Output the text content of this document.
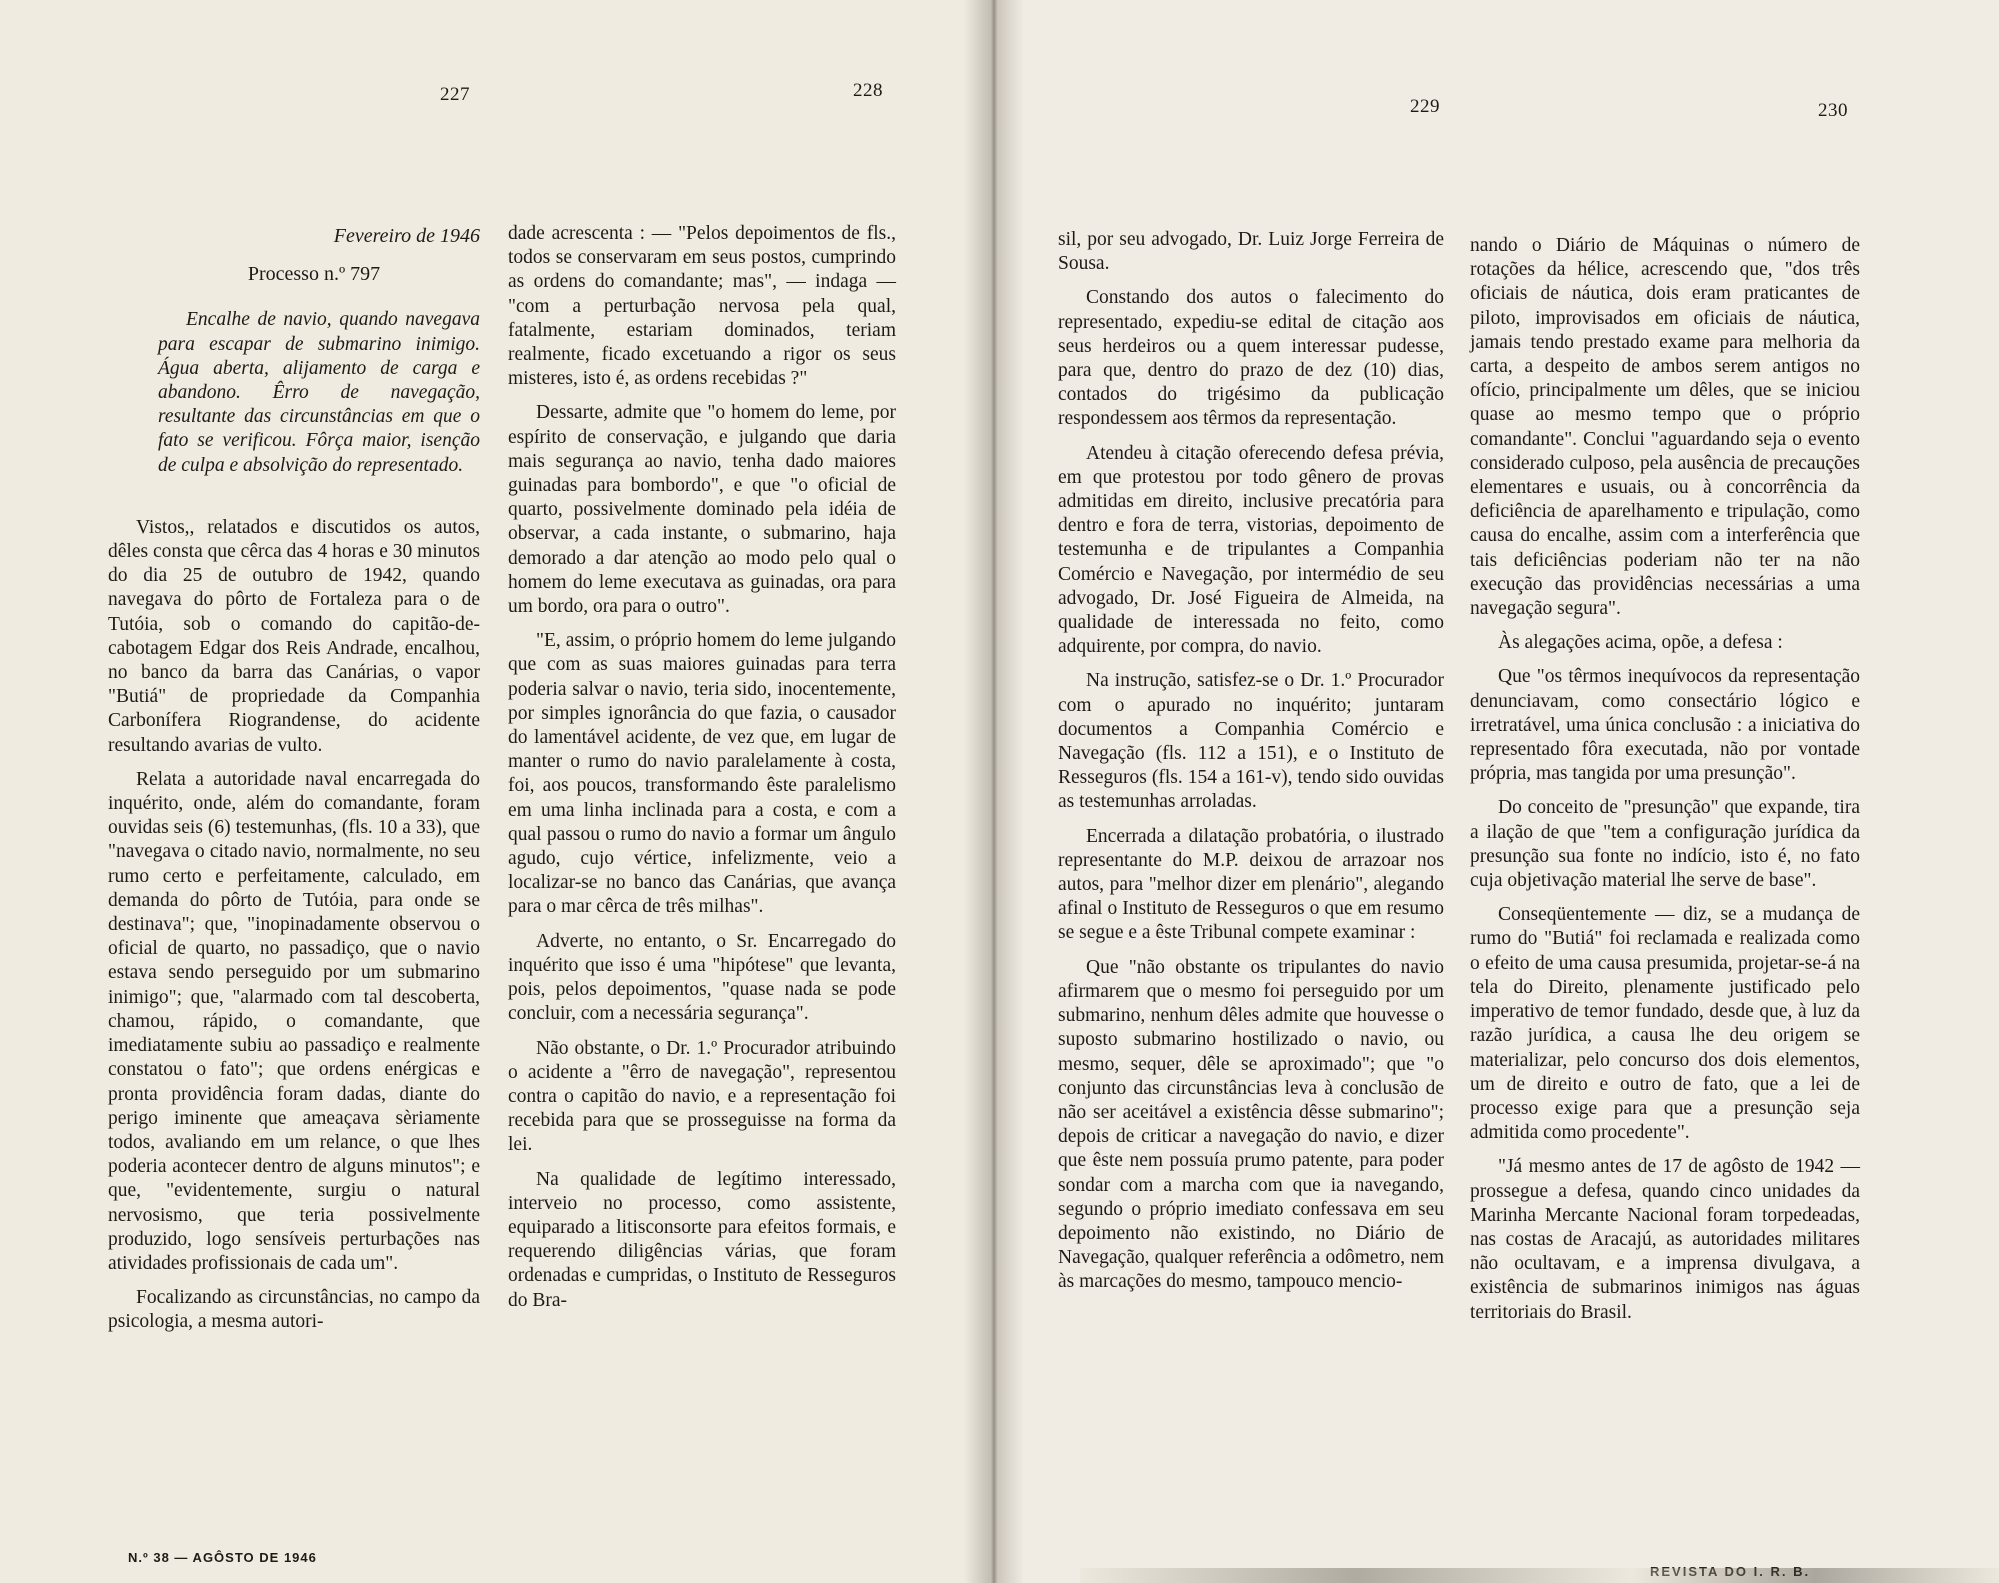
227	228
229	230
Fevereiro de 1946
Processo n.º 797
Encalhe de navio, quando navegava para escapar de submarino inimigo. Água aberta, alijamento de carga e abandono. Êrro de navegação, resultante das circunstâncias em que o fato se verificou. Fôrça maior, isenção de culpa e absolvição do representado.

Vistos,, relatados e discutidos os autos, dêles consta que cêrca das 4 horas e 30 minutos do dia 25 de outubro de 1942, quando navegava do pôrto de Fortaleza para o de Tutóia, sob o comando do capitão-de-cabotagem Edgar dos Reis Andrade, encalhou, no banco da barra das Canárias, o vapor "Butiá" de propriedade da Companhia Carbonífera Riograndense, do acidente resultando avarias de vulto.

Relata a autoridade naval encarregada do inquérito, onde, além do comandante, foram ouvidas seis (6) testemunhas, (fls. 10 a 33), que "navegava o citado navio, normalmente, no seu rumo certo e perfeitamente, calculado, em demanda do pôrto de Tutóia, para onde se destinava"; que, "inopinadamente observou o oficial de quarto, no passadiço, que o navio estava sendo perseguido por um submarino inimigo"; que, "alarmado com tal descoberta, chamou, rápido, o comandante, que imediatamente subiu ao passadiço e realmente constatou o fato"; que ordens enérgicas e pronta providência foram dadas, diante do perigo iminente que ameaçava sèriamente todos, avaliando em um relance, o que lhes poderia acontecer dentro de alguns minutos"; e que, "evidentemente, surgiu o natural nervosismo, que teria possivelmente produzido, logo sensíveis perturbações nas atividades profissionais de cada um".

Focalizando as circunstâncias, no campo da psicologia, a mesma autori-

dade acrescenta : — "Pelos depoimentos de fls., todos se conservaram em seus postos, cumprindo as ordens do comandante; mas", — indaga — "com a perturbação nervosa pela qual, fatalmente, estariam dominados, teriam realmente, ficado excetuando a rigor os seus misteres, isto é, as ordens recebidas ?"

Dessarte, admite que "o homem do leme, por espírito de conservação, e julgando que daria mais segurança ao navio, tenha dado maiores guinadas para bombordo", e que "o oficial de quarto, possivelmente dominado pela idéia de observar, a cada instante, o submarino, haja demorado a dar atenção ao modo pelo qual o homem do leme executava as guinadas, ora para um bordo, ora para o outro".

"E, assim, o próprio homem do leme julgando que com as suas maiores guinadas para terra poderia salvar o navio, teria sido, inocentemente, por simples ignorância do que fazia, o causador do lamentável acidente, de vez que, em lugar de manter o rumo do navio paralelamente à costa, foi, aos poucos, transformando êste paralelismo em uma linha inclinada para a costa, e com a qual passou o rumo do navio a formar um ângulo agudo, cujo vértice, infelizmente, veio a localizar-se no banco das Canárias, que avança para o mar cêrca de três milhas".

Adverte, no entanto, o Sr. Encarregado do inquérito que isso é uma "hipótese" que levanta, pois, pelos depoimentos, "quase nada se pode concluir, com a necessária segurança".

Não obstante, o Dr. 1.º Procurador atribuindo o acidente a "êrro de navegação", representou contra o capitão do navio, e a representação foi recebida para que se prosseguisse na forma da lei.

Na qualidade de legítimo interessado, interveio no processo, como assistente, equiparado a litisconsorte para efeitos formais, e requerendo diligências várias, que foram ordenadas e cumpridas, o Instituto de Resseguros do Bra-

sil, por seu advogado, Dr. Luiz Jorge Ferreira de Sousa.

Constando dos autos o falecimento do representado, expediu-se edital de citação aos seus herdeiros ou a quem interessar pudesse, para que, dentro do prazo de dez (10) dias, contados do trigésimo da publicação respondessem aos têrmos da representação.

Atendeu à citação oferecendo defesa prévia, em que protestou por todo gênero de provas admitidas em direito, inclusive precatória para dentro e fora de terra, vistorias, depoimento de testemunha e de tripulantes a Companhia Comércio e Navegação, por intermédio de seu advogado, Dr. José Figueira de Almeida, na qualidade de interessada no feito, como adquirente, por compra, do navio.

Na instrução, satisfez-se o Dr. 1.º Procurador com o apurado no inquérito; juntaram documentos a Companhia Comércio e Navegação (fls. 112 a 151), e o Instituto de Resseguros (fls. 154 a 161-v), tendo sido ouvidas as testemunhas arroladas.

Encerrada a dilatação probatória, o ilustrado representante do M.P. deixou de arrazoar nos autos, para "melhor dizer em plenário", alegando afinal o Instituto de Resseguros o que em resumo se segue e a êste Tribunal compete examinar :

Que "não obstante os tripulantes do navio afirmarem que o mesmo foi perseguido por um submarino, nenhum dêles admite que houvesse o suposto submarino hostilizado o navio, ou mesmo, sequer, dêle se aproximado"; que "o conjunto das circunstâncias leva à conclusão de não ser aceitável a existência dêsse submarino"; depois de criticar a navegação do navio, e dizer que êste nem possuía prumo patente, para poder sondar com a marcha com que ia navegando, segundo o próprio imediato confessava em seu depoimento não existindo, no Diário de Navegação, qualquer referência a odômetro, nem às marcações do mesmo, tampouco mencio-

nando o Diário de Máquinas o número de rotações da hélice, acrescendo que, "dos três oficiais de náutica, dois eram praticantes de piloto, improvisados em oficiais de náutica, jamais tendo prestado exame para melhoria da carta, a despeito de ambos serem antigos no ofício, principalmente um dêles, que se iniciou quase ao mesmo tempo que o próprio comandante". Conclui "aguardando seja o evento considerado culposo, pela ausência de precauções elementares e usuais, ou à concorrência da deficiência de aparelhamento e tripulação, como causa do encalhe, assim com a interferência que tais deficiências poderiam não ter na não execução das providências necessárias a uma navegação segura".

Às alegações acima, opõe, a defesa :

Que "os têrmos inequívocos da representação denunciavam, como consectário lógico e irretratável, uma única conclusão : a iniciativa do representado fôra executada, não por vontade própria, mas tangida por uma presunção".

Do conceito de "presunção" que expande, tira a ilação de que "tem a configuração jurídica da presunção sua fonte no indício, isto é, no fato cuja objetivação material lhe serve de base".

Conseqüentemente — diz, se a mudança de rumo do "Butiá" foi reclamada e realizada como o efeito de uma causa presumida, projetar-se-á na tela do Direito, plenamente justificado pelo imperativo de temor fundado, desde que, à luz da razão jurídica, a causa lhe deu origem se materializar, pelo concurso dos dois elementos, um de direito e outro de fato, que a lei de processo exige para que a presunção seja admitida como procedente".

"Já mesmo antes de 17 de agôsto de 1942 —prossegue a defesa, quando cinco unidades da Marinha Mercante Nacional foram torpedeadas, nas costas de Aracajú, as autoridades militares não ocultavam, e a imprensa divulgava, a existência de submarinos inimigos nas águas territoriais do Brasil.

N.º 38 — AGÔSTO DE 1946
REVISTA DO I. R. B.
